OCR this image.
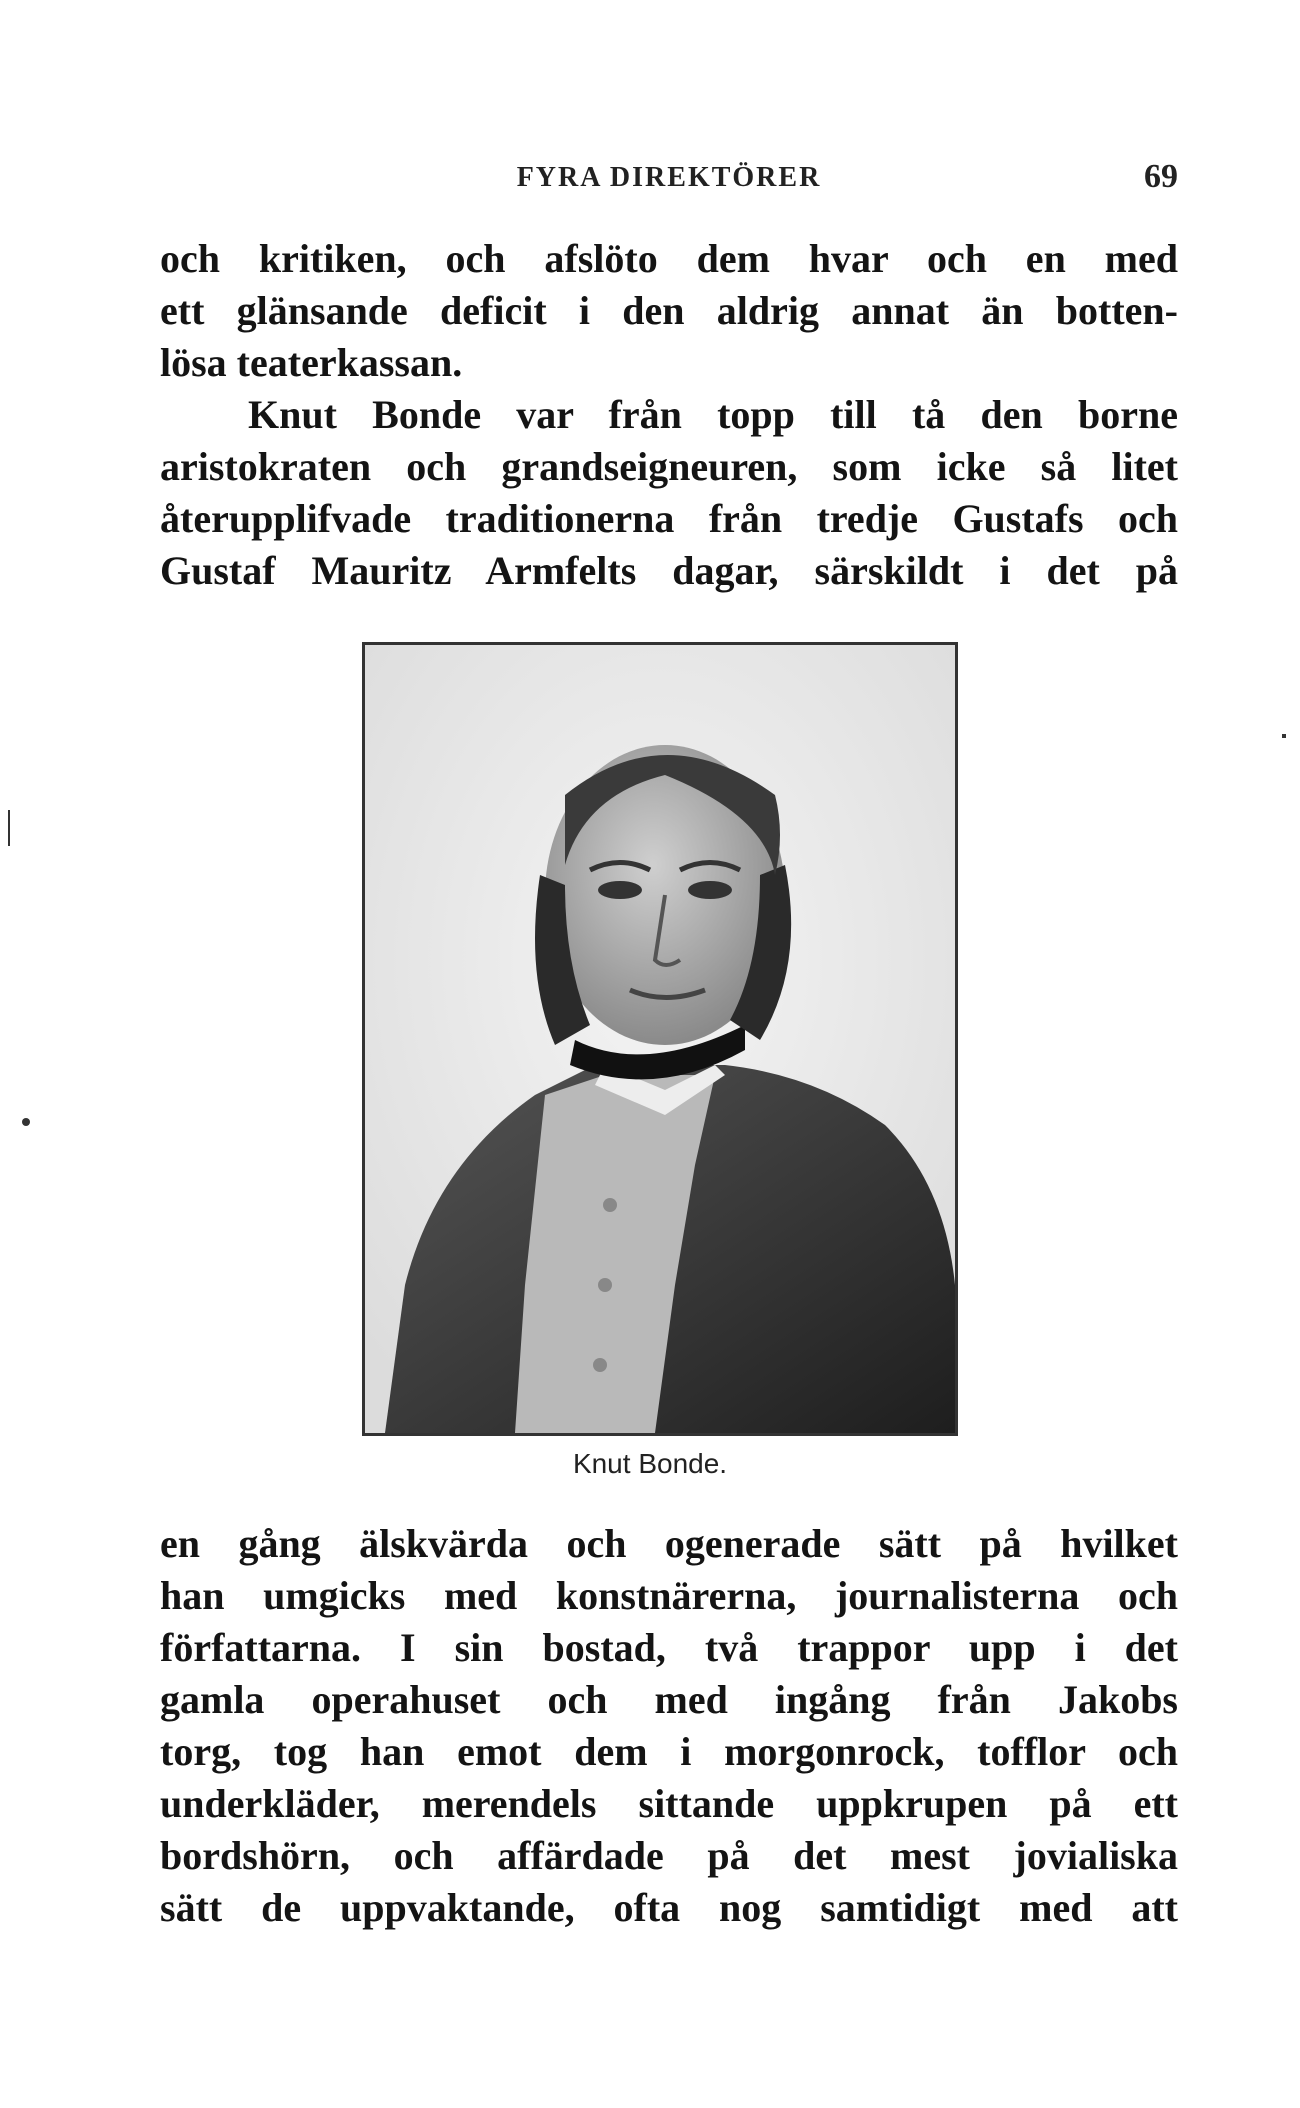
FYRA DIREKTÖRER	69
och kritiken, och afslöto dem hvar och en med
ett glänsande deficit i den aldrig annat än botten-
lösa teaterkassan.
Knut Bonde var från topp till tå den borne
aristokraten och grandseigneuren, som icke så litet
återupplifvade traditionerna från tredje Gustafs och
Gustaf Mauritz Armfelts dagar, särskildt i det på
Knut Bonde.
en gång älskvärda och ogenerade sätt på hvilket
han umgicks med konstnärerna, journalisterna och
författarna. I sin bostad, två trappor upp i det
gamla operahuset och med ingång från Jakobs
torg, tog han emot dem i morgonrock, tofflor och
underkläder, merendels sittande uppkrupen på ett
bordshörn, och affärdade på det mest jovialiska
sätt de uppvaktande, ofta nog samtidigt med att
